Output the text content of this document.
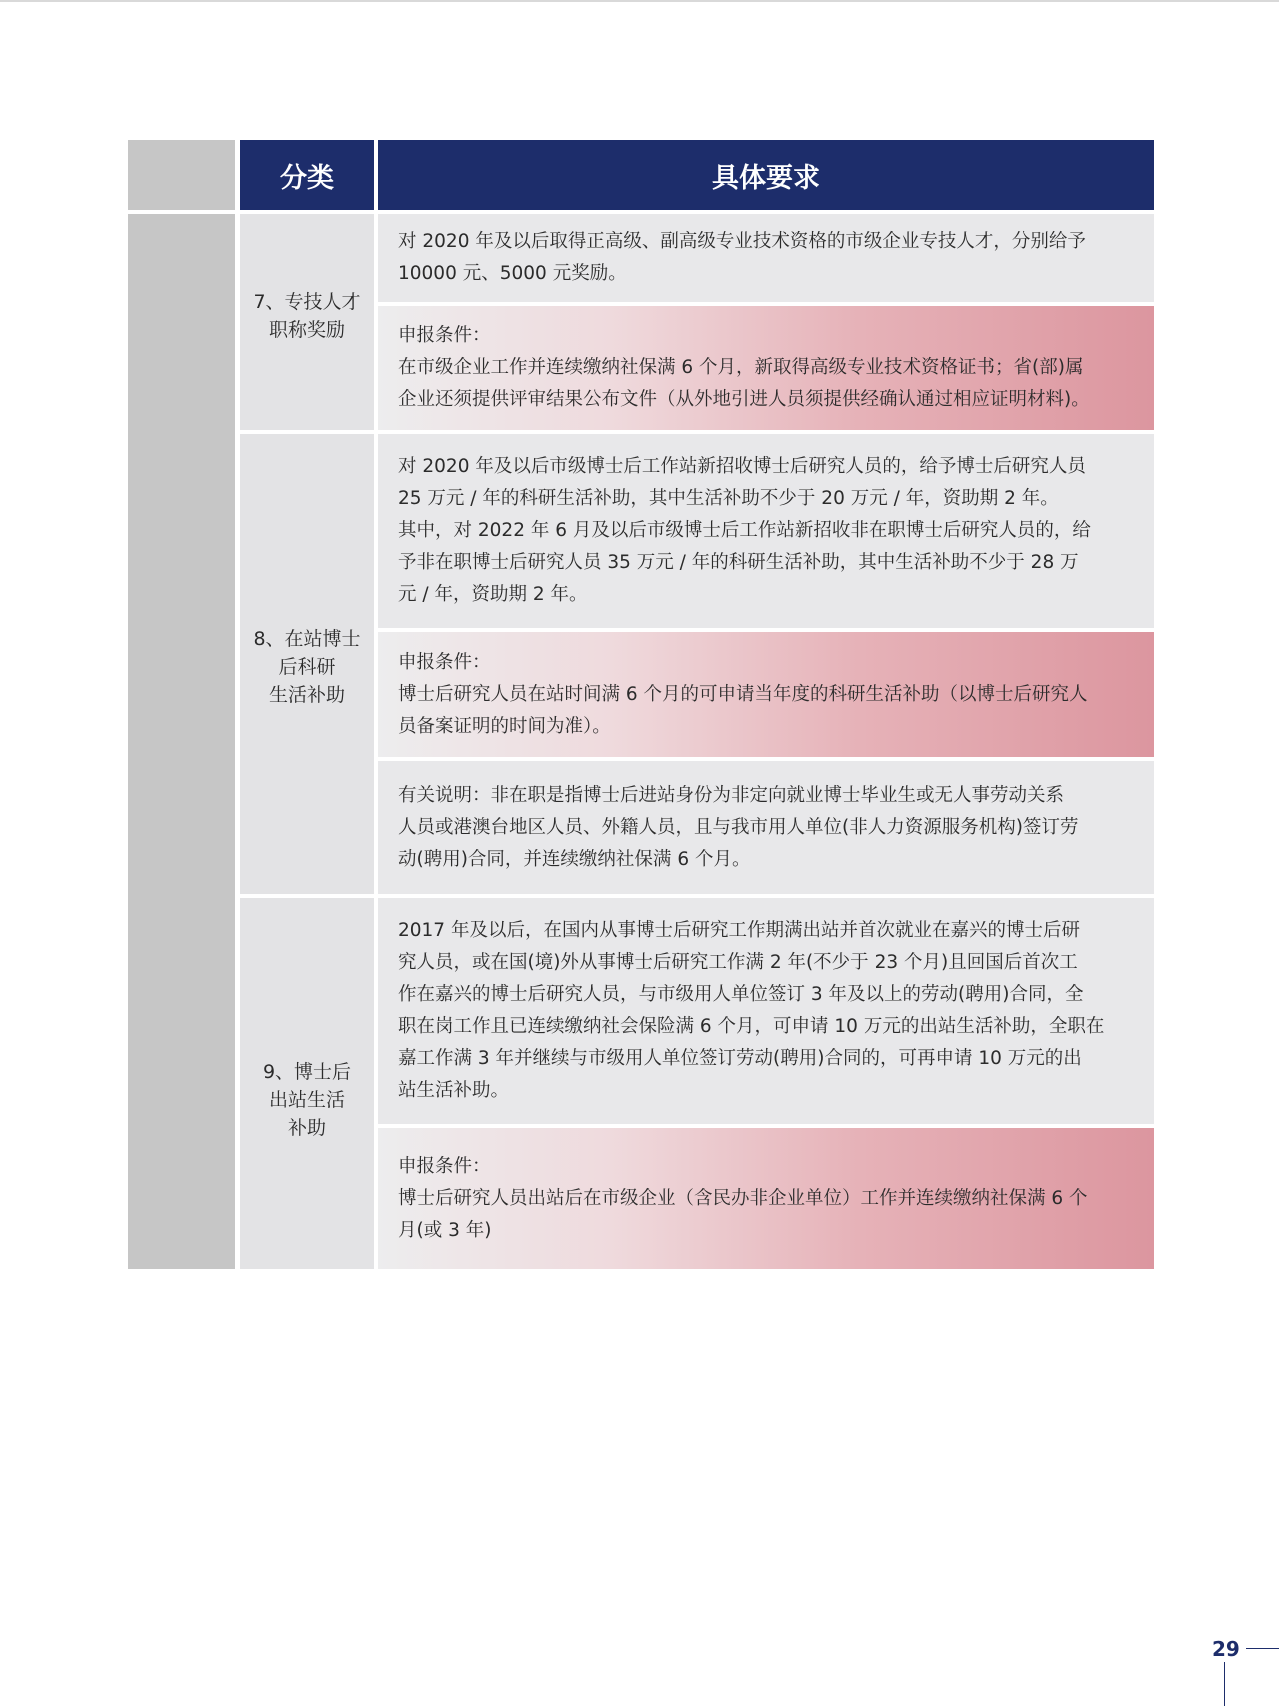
分类	具体要求
7、专技人才
职称奖励
8、在站博士
后科研
生活补助
9、博士后
出站生活
补助

对 2020 年及以后取得正高级、副高级专业技术资格的市级企业专技人才，分别给予

10000 元、5000 元奖励。

申报条件：

在市级企业工作并连续缴纳社保满 6 个月，新取得高级专业技术资格证书；省(部)属

企业还须提供评审结果公布文件（从外地引进人员须提供经确认通过相应证明材料)。

对 2020 年及以后市级博士后工作站新招收博士后研究人员的，给予博士后研究人员

25 万元 / 年的科研生活补助，其中生活补助不少于 20 万元 / 年，资助期 2 年。

其中，对 2022 年 6 月及以后市级博士后工作站新招收非在职博士后研究人员的，给

予非在职博士后研究人员 35 万元 / 年的科研生活补助，其中生活补助不少于 28 万

元 / 年，资助期 2 年。

申报条件：

博士后研究人员在站时间满 6 个月的可申请当年度的科研生活补助（以博士后研究人

员备案证明的时间为准）。

有关说明：非在职是指博士后进站身份为非定向就业博士毕业生或无人事劳动关系

人员或港澳台地区人员、外籍人员，且与我市用人单位(非人力资源服务机构)签订劳

动(聘用)合同，并连续缴纳社保满 6 个月。

2017 年及以后，在国内从事博士后研究工作期满出站并首次就业在嘉兴的博士后研

究人员，或在国(境)外从事博士后研究工作满 2 年(不少于 23 个月)且回国后首次工

作在嘉兴的博士后研究人员，与市级用人单位签订 3 年及以上的劳动(聘用)合同，全

职在岗工作且已连续缴纳社会保险满 6 个月，可申请 10 万元的出站生活补助，全职在

嘉工作满 3 年并继续与市级用人单位签订劳动(聘用)合同的，可再申请 10 万元的出

站生活补助。

申报条件：

博士后研究人员出站后在市级企业（含民办非企业单位）工作并连续缴纳社保满 6 个

月(或 3 年)

29
